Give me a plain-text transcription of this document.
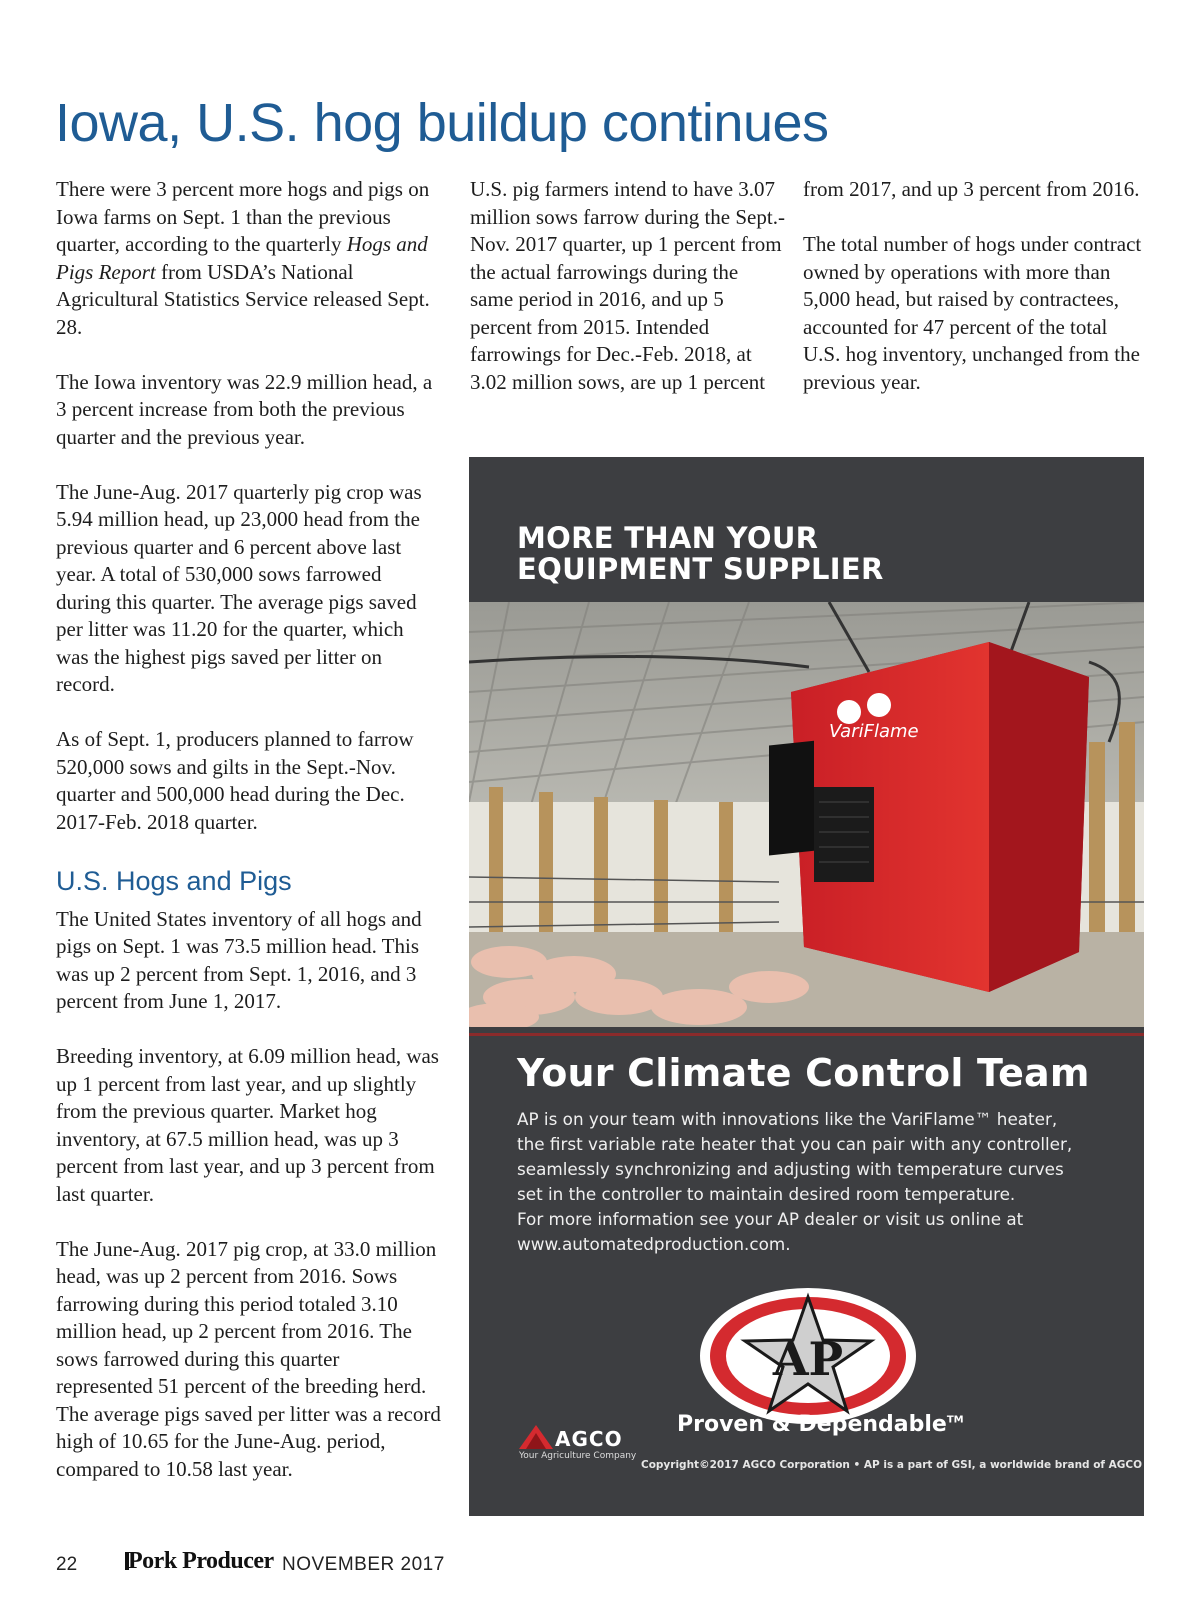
Iowa, U.S. hog buildup continues

There were 3 percent more hogs and pigs on Iowa farms on Sept. 1 than the previous quarter, according to the quarterly Hogs and Pigs Report from USDA’s National Agricultural Statistics Service released Sept. 28.

The Iowa inventory was 22.9 million head, a 3 percent increase from both the previous quarter and the previous year.

The June-Aug. 2017 quarterly pig crop was 5.94 million head, up 23,000 head from the previous quarter and 6 percent above last year. A total of 530,000 sows farrowed during this quarter. The average pigs saved per litter was 11.20 for the quarter, which was the highest pigs saved per litter on record.

As of Sept. 1, producers planned to farrow 520,000 sows and gilts in the Sept.-Nov. quarter and 500,000 head during the Dec. 2017-Feb. 2018 quarter.

U.S. Hogs and Pigs

The United States inventory of all hogs and pigs on Sept. 1 was 73.5 million head. This was up 2 percent from Sept. 1, 2016, and 3 percent from June 1, 2017.

Breeding inventory, at 6.09 million head, was up 1 percent from last year, and up slightly from the previous quarter. Market hog inventory, at 67.5 million head, was up 3 percent from last year, and up 3 percent from last quarter.

The June-Aug. 2017 pig crop, at 33.0 million head, was up 2 percent from 2016. Sows farrowing during this period totaled 3.10 million head, up 2 percent from 2016. The sows farrowed during this quarter represented 51 percent of the breeding herd. The average pigs saved per litter was a record high of 10.65 for the June-Aug. period, compared to 10.58 last year.

U.S. pig farmers intend to have 3.07 million sows farrow during the Sept.-Nov. 2017 quarter, up 1 percent from the actual farrowings during the same period in 2016, and up 5 percent from 2015. Intended farrowings for Dec.-Feb. 2018, at 3.02 million sows, are up 1 percent

from 2017, and up 3 percent from 2016.

The total number of hogs under contract owned by operations with more than 5,000 head, but raised by contractees, accounted for 47 percent of the total U.S. hog inventory, unchanged from the previous year.

MORE THAN YOUR
EQUIPMENT SUPPLIER
VariFlame
Your Climate Control Team

AP is on your team with innovations like the VariFlame™ heater,

the first variable rate heater that you can pair with any controller,

seamlessly synchronizing and adjusting with temperature curves

set in the controller to maintain desired room temperature.

For more information see your AP dealer or visit us online at

www.automatedproduction.com.

AP
Proven & Dependable™
AGCO
Your Agriculture Company
Copyright©2017 AGCO Corporation • AP is a part of GSI, a worldwide brand of AGCO
22 Pork Producer NOVEMBER 2017
